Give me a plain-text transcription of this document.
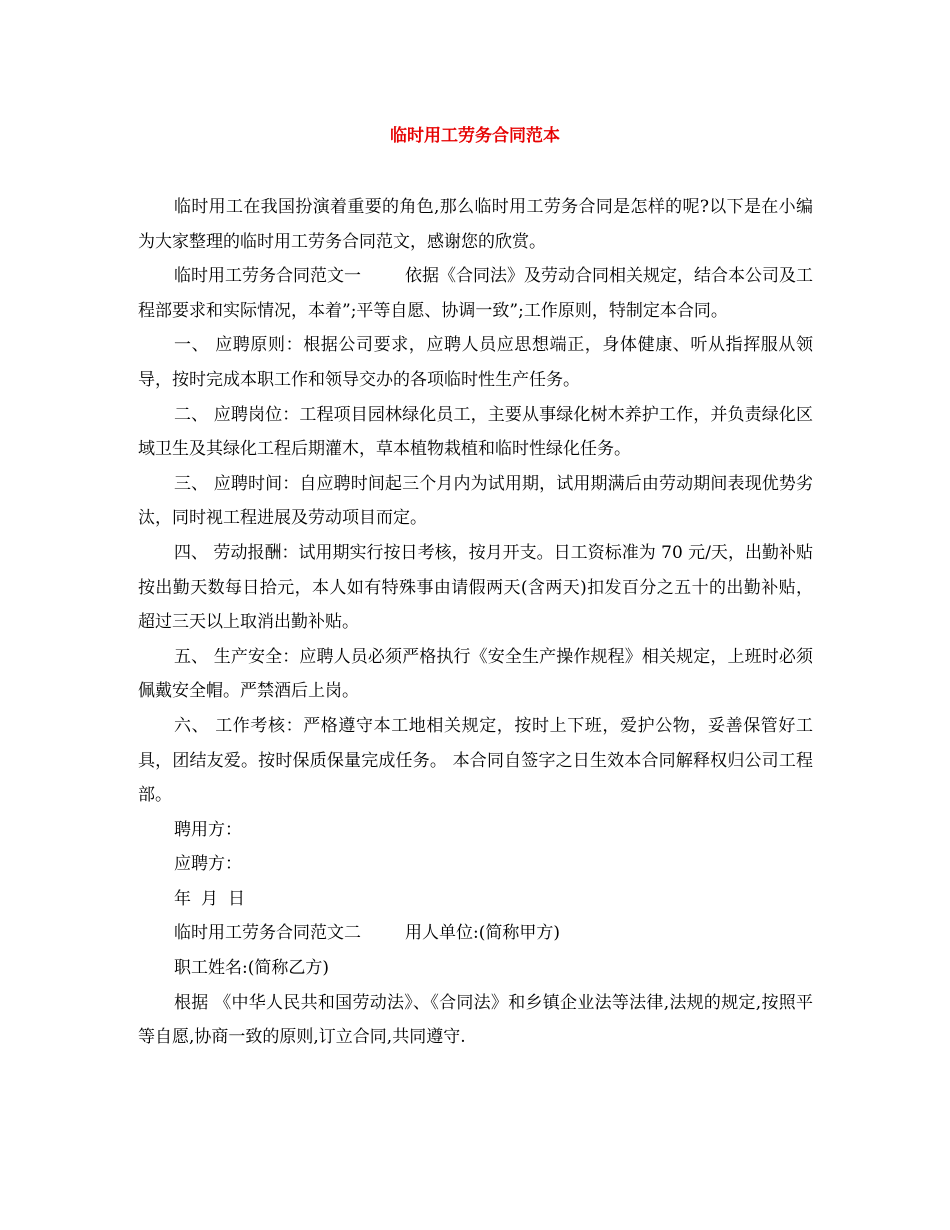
临时用工劳务合同范本

临时用工在我国扮演着重要的角色,那么临时用工劳务合同是怎样的呢?以下是在小编为大家整理的临时用工劳务合同范文，感谢您的欣赏。

临时用工劳务合同范文一	依据《合同法》及劳动合同相关规定，结合本公司及工程部要求和实际情况，本着”;平等自愿、协调一致”;工作原则，特制定本合同。

一、 应聘原则：根据公司要求，应聘人员应思想端正，身体健康、听从指挥服从领导，按时完成本职工作和领导交办的各项临时性生产任务。

二、 应聘岗位：工程项目园林绿化员工，主要从事绿化树木养护工作，并负责绿化区域卫生及其绿化工程后期灌木，草本植物栽植和临时性绿化任务。

三、 应聘时间：自应聘时间起三个月内为试用期，试用期满后由劳动期间表现优势劣汰，同时视工程进展及劳动项目而定。

四、 劳动报酬：试用期实行按日考核，按月开支。日工资标准为 70 元/天，出勤补贴按出勤天数每日拾元，本人如有特殊事由请假两天(含两天)扣发百分之五十的出勤补贴，超过三天以上取消出勤补贴。

五、 生产安全：应聘人员必须严格执行《安全生产操作规程》相关规定，上班时必须佩戴安全帽。严禁酒后上岗。

六、 工作考核：严格遵守本工地相关规定，按时上下班，爱护公物，妥善保管好工具，团结友爱。按时保质保量完成任务。 本合同自签字之日生效本合同解释权归公司工程部。

聘用方：

应聘方：

年 月 日

临时用工劳务合同范文二	用人单位:(简称甲方)

职工姓名:(简称乙方)

根据 《中华人民共和国劳动法》、《合同法》和乡镇企业法等法律,法规的规定,按照平等自愿,协商一致的原则,订立合同,共同遵守.
